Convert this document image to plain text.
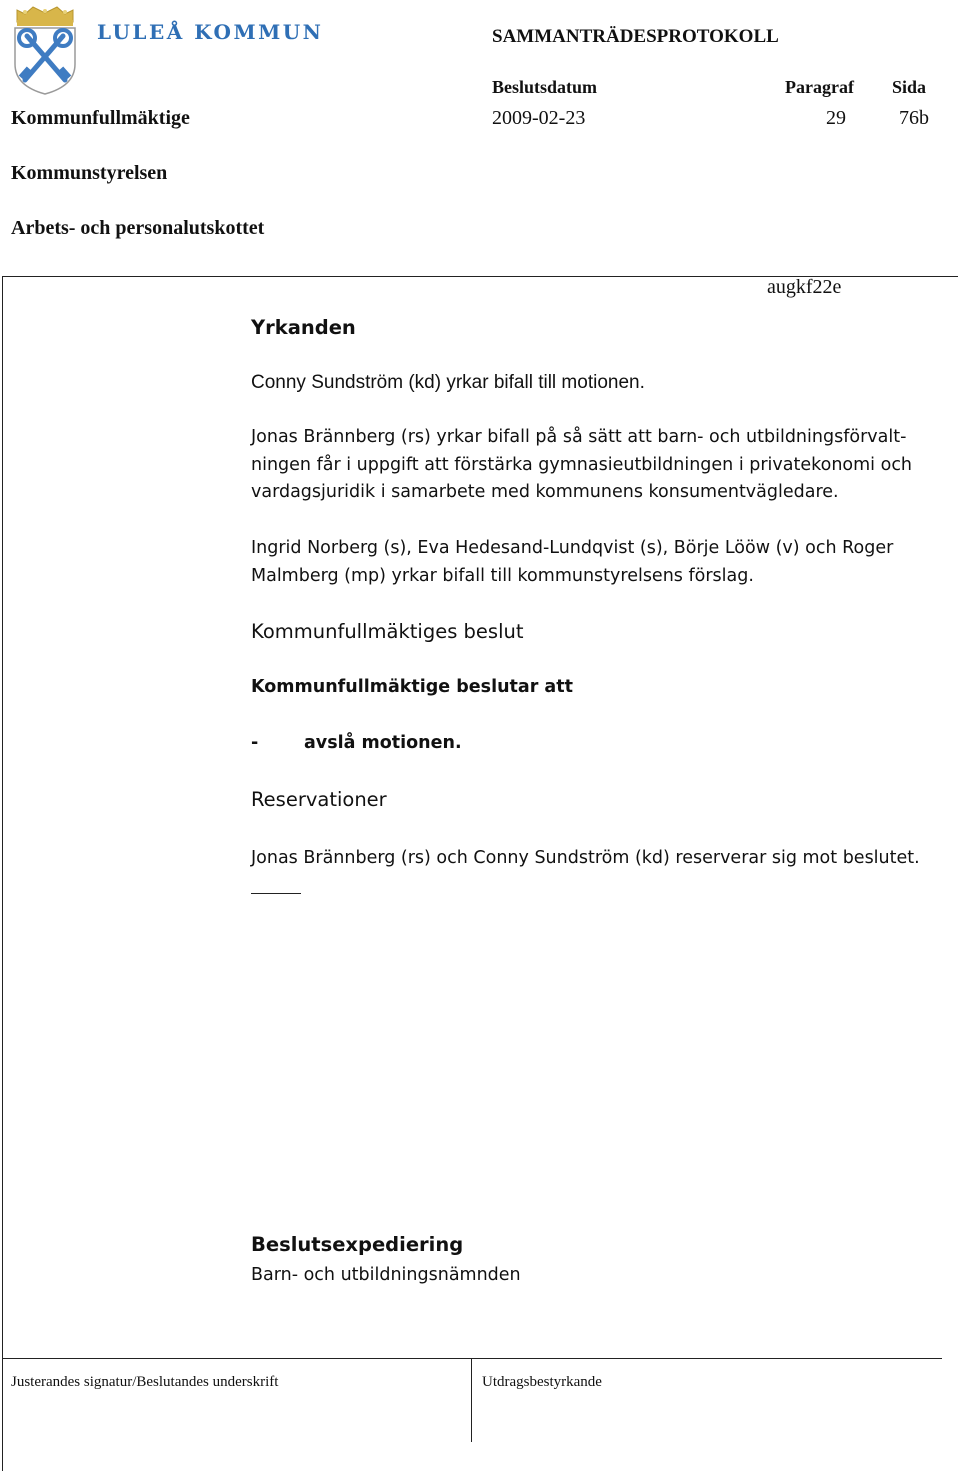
LULEÅ KOMMUN	SAMMANTRÄDESPROTOKOLL
Beslutsdatum	Paragraf Sida
Kommunfullmäktige	2009-02-23	29	76b
Kommunstyrelsen
Arbets- och personalutskottet
augkf22e
Yrkanden
Conny Sundström (kd) yrkar bifall till motionen.
Jonas Brännberg (rs) yrkar bifall på så sätt att barn- och utbildningsförvalt-
ningen får i uppgift att förstärka gymnasieutbildningen i privatekonomi och
vardagsjuridik i samarbete med kommunens konsumentvägledare.
Ingrid Norberg (s), Eva Hedesand-Lundqvist (s), Börje Lööw (v) och Roger
Malmberg (mp) yrkar bifall till kommunstyrelsens förslag.
Kommunfullmäktiges beslut
Kommunfullmäktige beslutar att
-	avslå motionen.
Reservationer
Jonas Brännberg (rs) och Conny Sundström (kd) reserverar sig mot beslutet.
Beslutsexpediering
Barn- och utbildningsnämnden
Justerandes signatur/Beslutandes underskrift	Utdragsbestyrkande
